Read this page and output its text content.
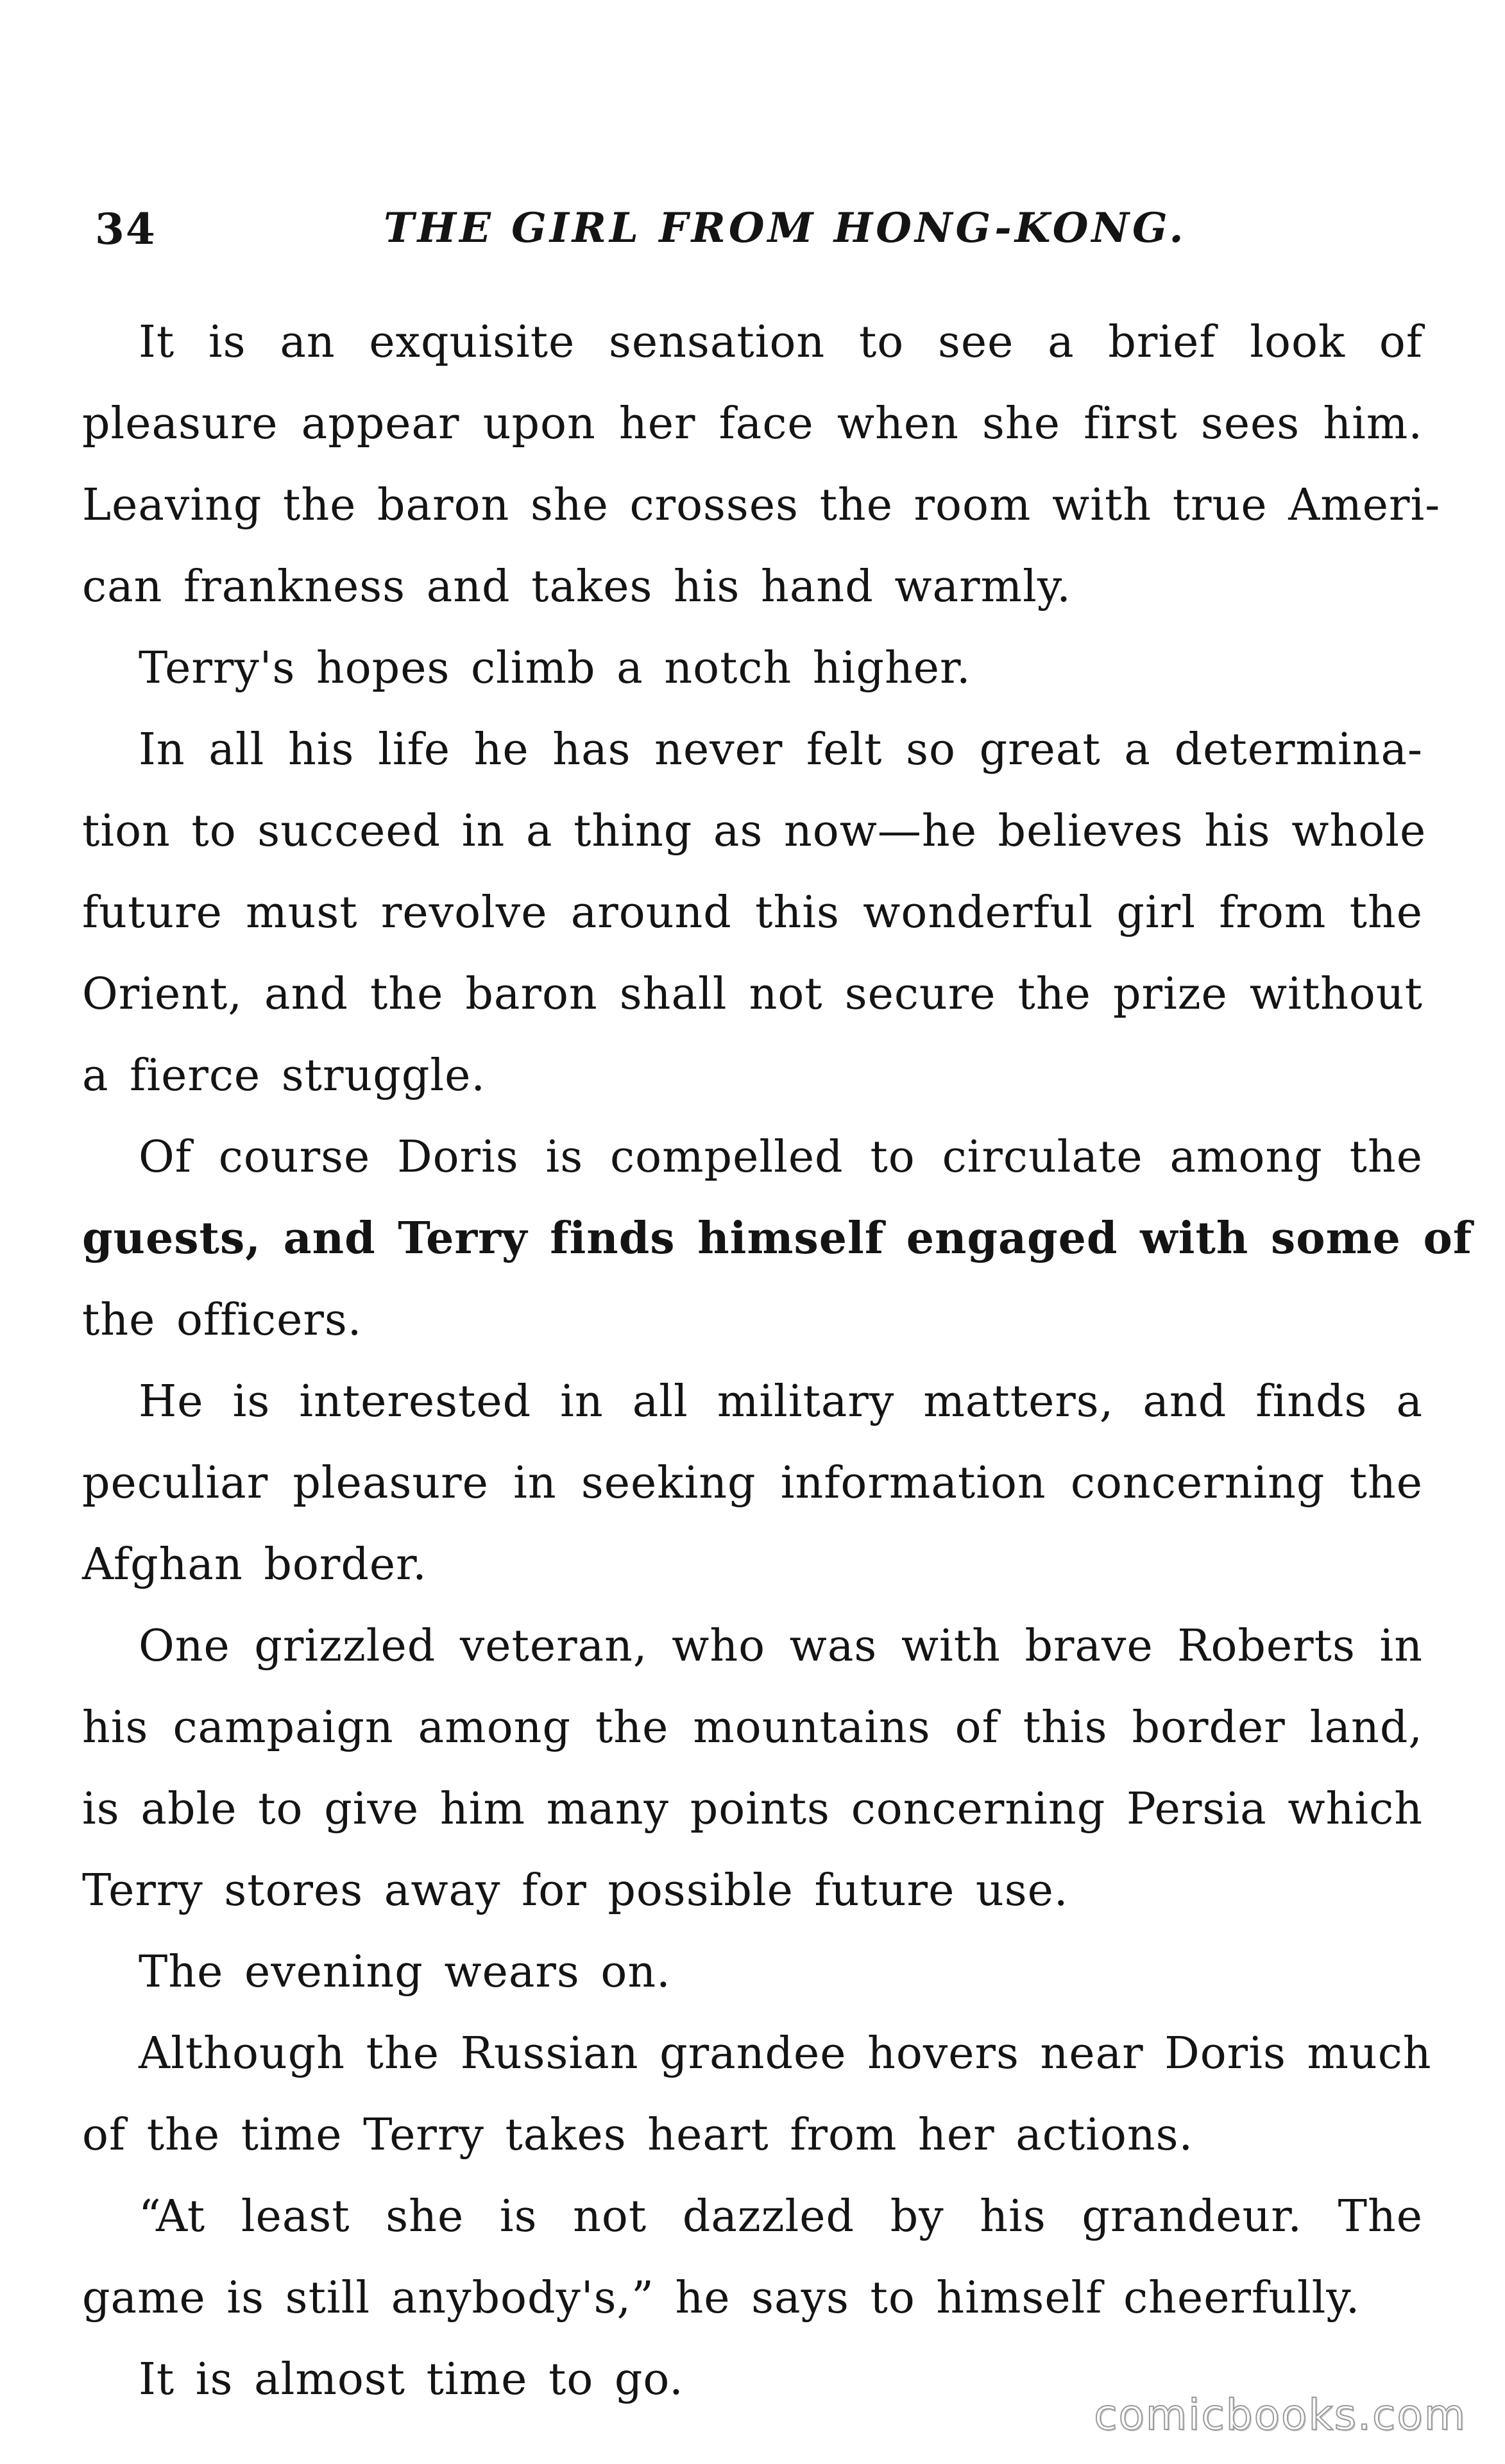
34	THE GIRL FROM HONG-KONG.
It is an exquisite sensation to see a brief look of
pleasure appear upon her face when she first sees him.
Leaving the baron she crosses the room with true Ameri-
can frankness and takes his hand warmly.
Terry's hopes climb a notch higher.
In all his life he has never felt so great a determina-
tion to succeed in a thing as now—he believes his whole
future must revolve around this wonderful girl from the
Orient, and the baron shall not secure the prize without
a fierce struggle.
Of course Doris is compelled to circulate among the
guests, and Terry finds himself engaged with some of
the officers.
He is interested in all military matters, and finds a
peculiar pleasure in seeking information concerning the
Afghan border.
One grizzled veteran, who was with brave Roberts in
his campaign among the mountains of this border land,
is able to give him many points concerning Persia which
Terry stores away for possible future use.
The evening wears on.
Although the Russian grandee hovers near Doris much
of the time Terry takes heart from her actions.
“At least she is not dazzled by his grandeur. The
game is still anybody's,” he says to himself cheerfully.
It is almost time to go.
comicbooks.com
